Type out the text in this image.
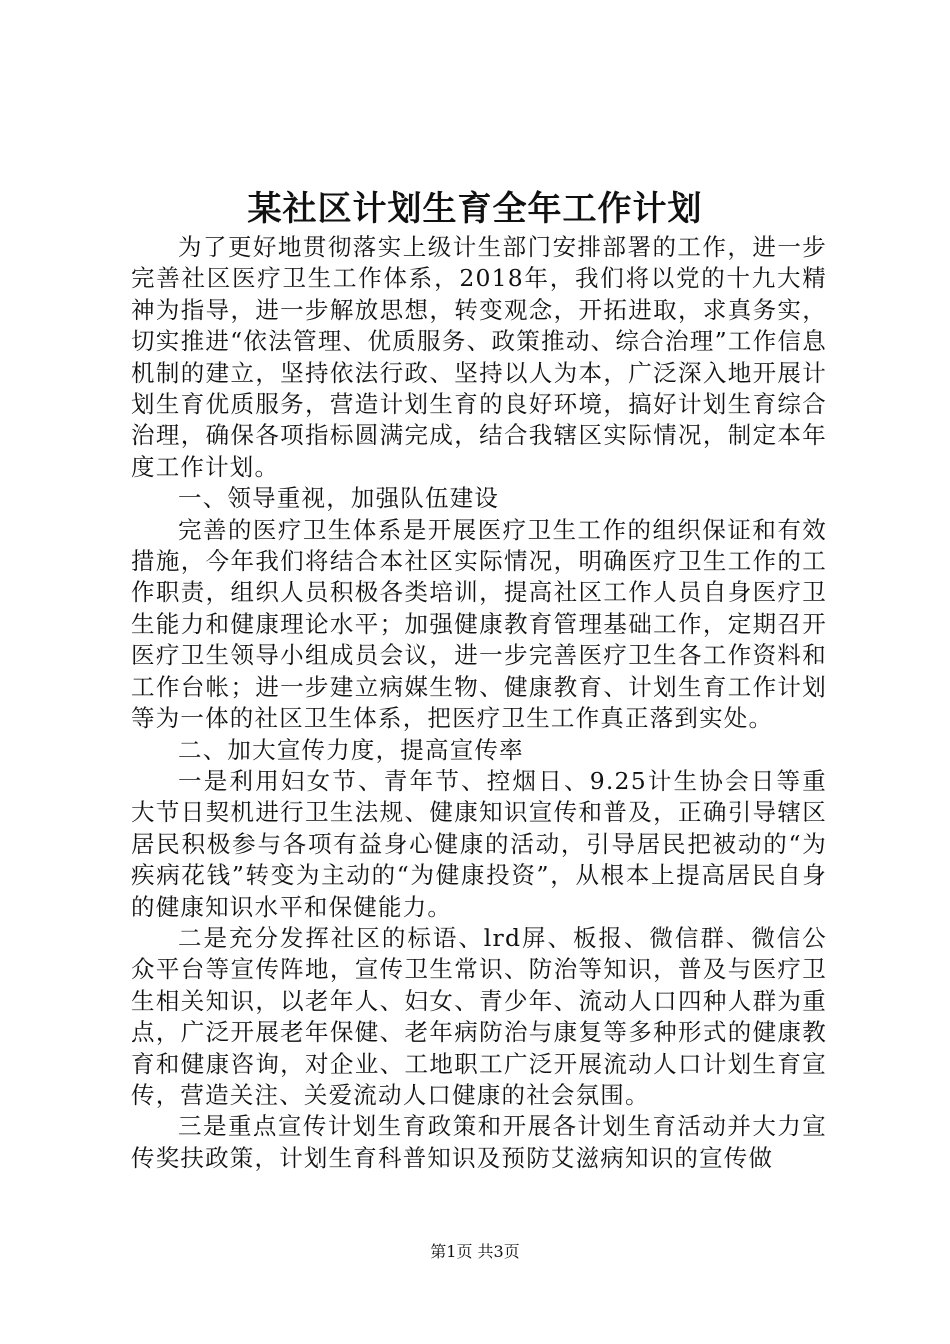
某社区计划生育全年工作计划

为了更好地贯彻落实上级计生部门安排部署的工作，进一步完善社区医疗卫生工作体系，2018年，我们将以党的十九大精神为指导，进一步解放思想，转变观念，开拓进取，求真务实，切实推进“依法管理、优质服务、政策推动、综合治理”工作信息机制的建立，坚持依法行政、坚持以人为本，广泛深入地开展计划生育优质服务，营造计划生育的良好环境，搞好计划生育综合治理，确保各项指标圆满完成，结合我辖区实际情况，制定本年度工作计划。

一、领导重视，加强队伍建设

完善的医疗卫生体系是开展医疗卫生工作的组织保证和有效措施，今年我们将结合本社区实际情况，明确医疗卫生工作的工作职责，组织人员积极各类培训，提高社区工作人员自身医疗卫生能力和健康理论水平；加强健康教育管理基础工作，定期召开医疗卫生领导小组成员会议，进一步完善医疗卫生各工作资料和工作台帐；进一步建立病媒生物、健康教育、计划生育工作计划等为一体的社区卫生体系，把医疗卫生工作真正落到实处。

二、加大宣传力度，提高宣传率

一是利用妇女节、青年节、控烟日、9.25计生协会日等重大节日契机进行卫生法规、健康知识宣传和普及，正确引导辖区居民积极参与各项有益身心健康的活动，引导居民把被动的“为疾病花钱”转变为主动的“为健康投资”，从根本上提高居民自身的健康知识水平和保健能力。

二是充分发挥社区的标语、lrd屏、板报、微信群、微信公众平台等宣传阵地，宣传卫生常识、防治等知识，普及与医疗卫生相关知识，以老年人、妇女、青少年、流动人口四种人群为重点，广泛开展老年保健、老年病防治与康复等多种形式的健康教育和健康咨询，对企业、工地职工广泛开展流动人口计划生育宣传，营造关注、关爱流动人口健康的社会氛围。

三是重点宣传计划生育政策和开展各计划生育活动并大力宣传奖扶政策，计划生育科普知识及预防艾滋病知识的宣传做

第1页 共3页
